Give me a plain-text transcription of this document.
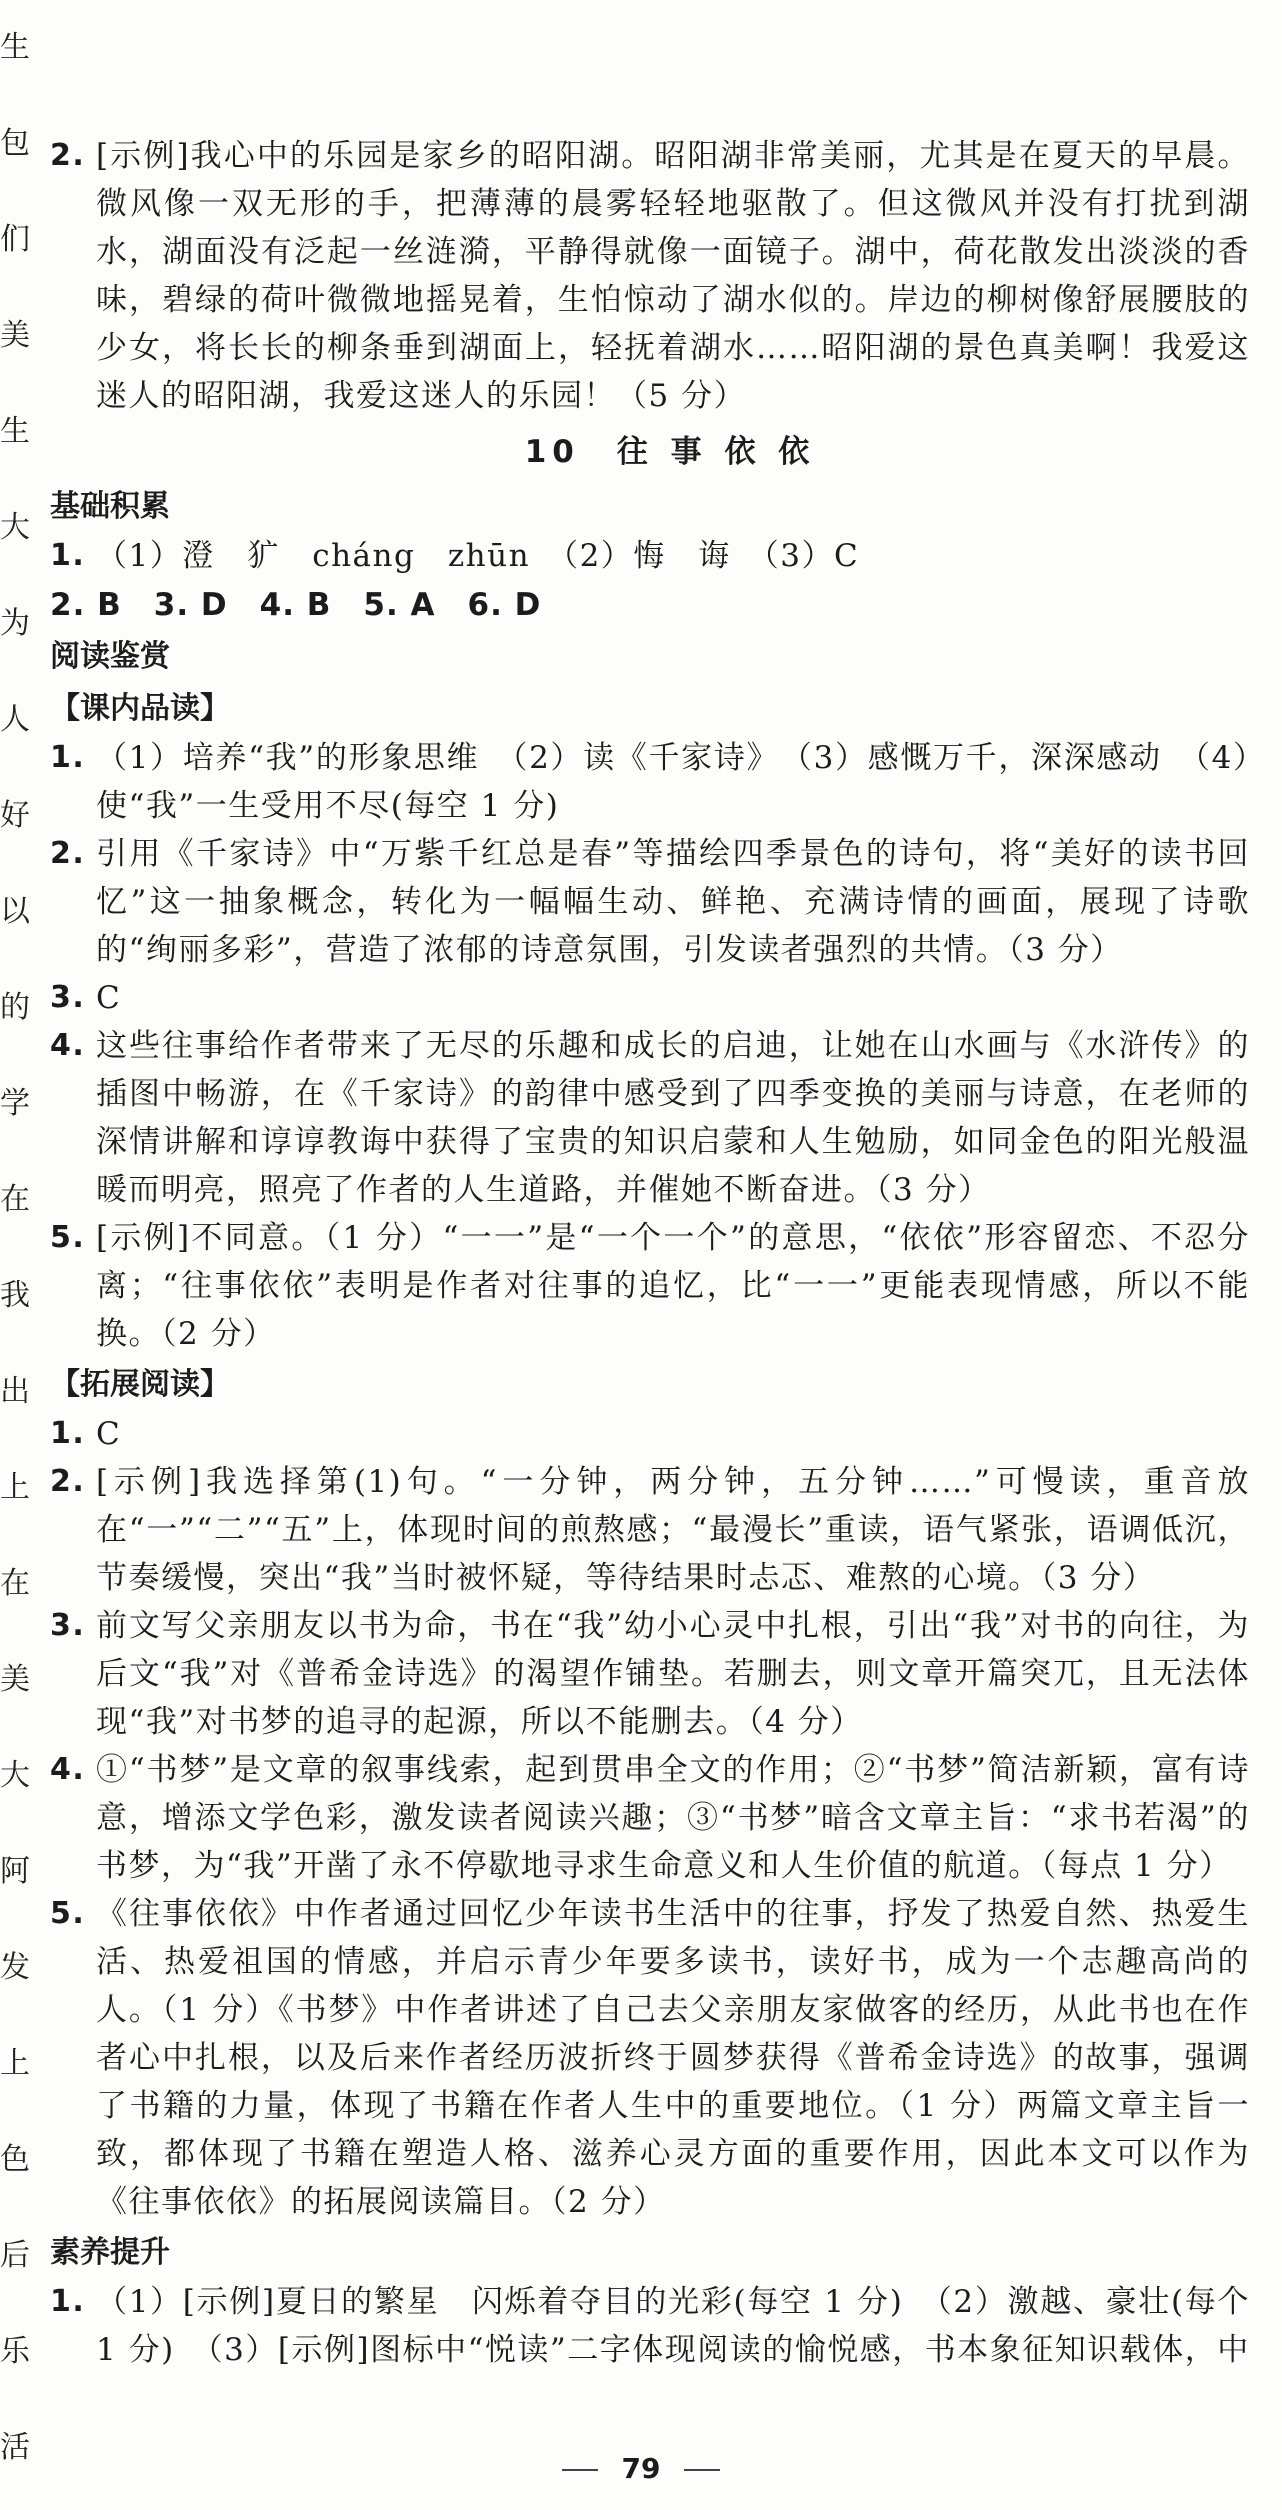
生
包
们
美
生
大
为
人
好
以
的
学
在
我
出
上
在
美
大
阿
发
上
色
后
乐
活
2. [示例]我心中的乐园是家乡的昭阳湖。昭阳湖非常美丽，尤其是在夏天的早晨。微风像一双无形的手，把薄薄的晨雾轻轻地驱散了。但这微风并没有打扰到湖水，湖面没有泛起一丝涟漪，平静得就像一面镜子。湖中，荷花散发出淡淡的香味，碧绿的荷叶微微地摇晃着，生怕惊动了湖水似的。岸边的柳树像舒展腰肢的少女，将长长的柳条垂到湖面上，轻抚着湖水……昭阳湖的景色真美啊！我爱这迷人的昭阳湖，我爱这迷人的乐园！（5 分）
10　往 事 依 依
基础积累
1. （1）澄　犷　cháng　zhūn　（2）悔　诲　（3）C
2. B　3. D　4. B　5. A　6. D
阅读鉴赏
【课内品读】
1. （1）培养“我”的形象思维　（2）读《千家诗》　（3）感慨万千，深深感动　（4）使“我”一生受用不尽(每空 1 分)
2. 引用《千家诗》中“万紫千红总是春”等描绘四季景色的诗句，将“美好的读书回忆”这一抽象概念，转化为一幅幅生动、鲜艳、充满诗情的画面，展现了诗歌的“绚丽多彩”，营造了浓郁的诗意氛围，引发读者强烈的共情。（3 分）
3. C
4. 这些往事给作者带来了无尽的乐趣和成长的启迪，让她在山水画与《水浒传》的插图中畅游，在《千家诗》的韵律中感受到了四季变换的美丽与诗意，在老师的深情讲解和谆谆教诲中获得了宝贵的知识启蒙和人生勉励，如同金色的阳光般温暖而明亮，照亮了作者的人生道路，并催她不断奋进。（3 分）
5. [示例]不同意。（1 分）“一一”是“一个一个”的意思，“依依”形容留恋、不忍分离；“往事依依”表明是作者对往事的追忆，比“一一”更能表现情感，所以不能换。（2 分）
【拓展阅读】
1. C
2. [示例]我选择第(1)句。“一分钟，两分钟，五分钟……”可慢读，重音放在“一”“二”“五”上，体现时间的煎熬感；“最漫长”重读，语气紧张，语调低沉，节奏缓慢，突出“我”当时被怀疑，等待结果时忐忑、难熬的心境。（3 分）
3. 前文写父亲朋友以书为命，书在“我”幼小心灵中扎根，引出“我”对书的向往，为后文“我”对《普希金诗选》的渴望作铺垫。若删去，则文章开篇突兀，且无法体现“我”对书梦的追寻的起源，所以不能删去。（4 分）
4. ①“书梦”是文章的叙事线索，起到贯串全文的作用；②“书梦”简洁新颖，富有诗意，增添文学色彩，激发读者阅读兴趣；③“书梦”暗含文章主旨：“求书若渴”的书梦，为“我”开凿了永不停歇地寻求生命意义和人生价值的航道。（每点 1 分）
5. 《往事依依》中作者通过回忆少年读书生活中的往事，抒发了热爱自然、热爱生活、热爱祖国的情感，并启示青少年要多读书，读好书，成为一个志趣高尚的人。（1 分）《书梦》中作者讲述了自己去父亲朋友家做客的经历，从此书也在作者心中扎根，以及后来作者经历波折终于圆梦获得《普希金诗选》的故事，强调了书籍的力量，体现了书籍在作者人生中的重要地位。（1 分）两篇文章主旨一致，都体现了书籍在塑造人格、滋养心灵方面的重要作用，因此本文可以作为《往事依依》的拓展阅读篇目。（2 分）
素养提升
1. （1）[示例]夏日的繁星　闪烁着夺目的光彩(每空 1 分)　（2）激越、豪壮(每个 1 分)　（3）[示例]图标中“悦读”二字体现阅读的愉悦感，书本象征知识载体，中
79
